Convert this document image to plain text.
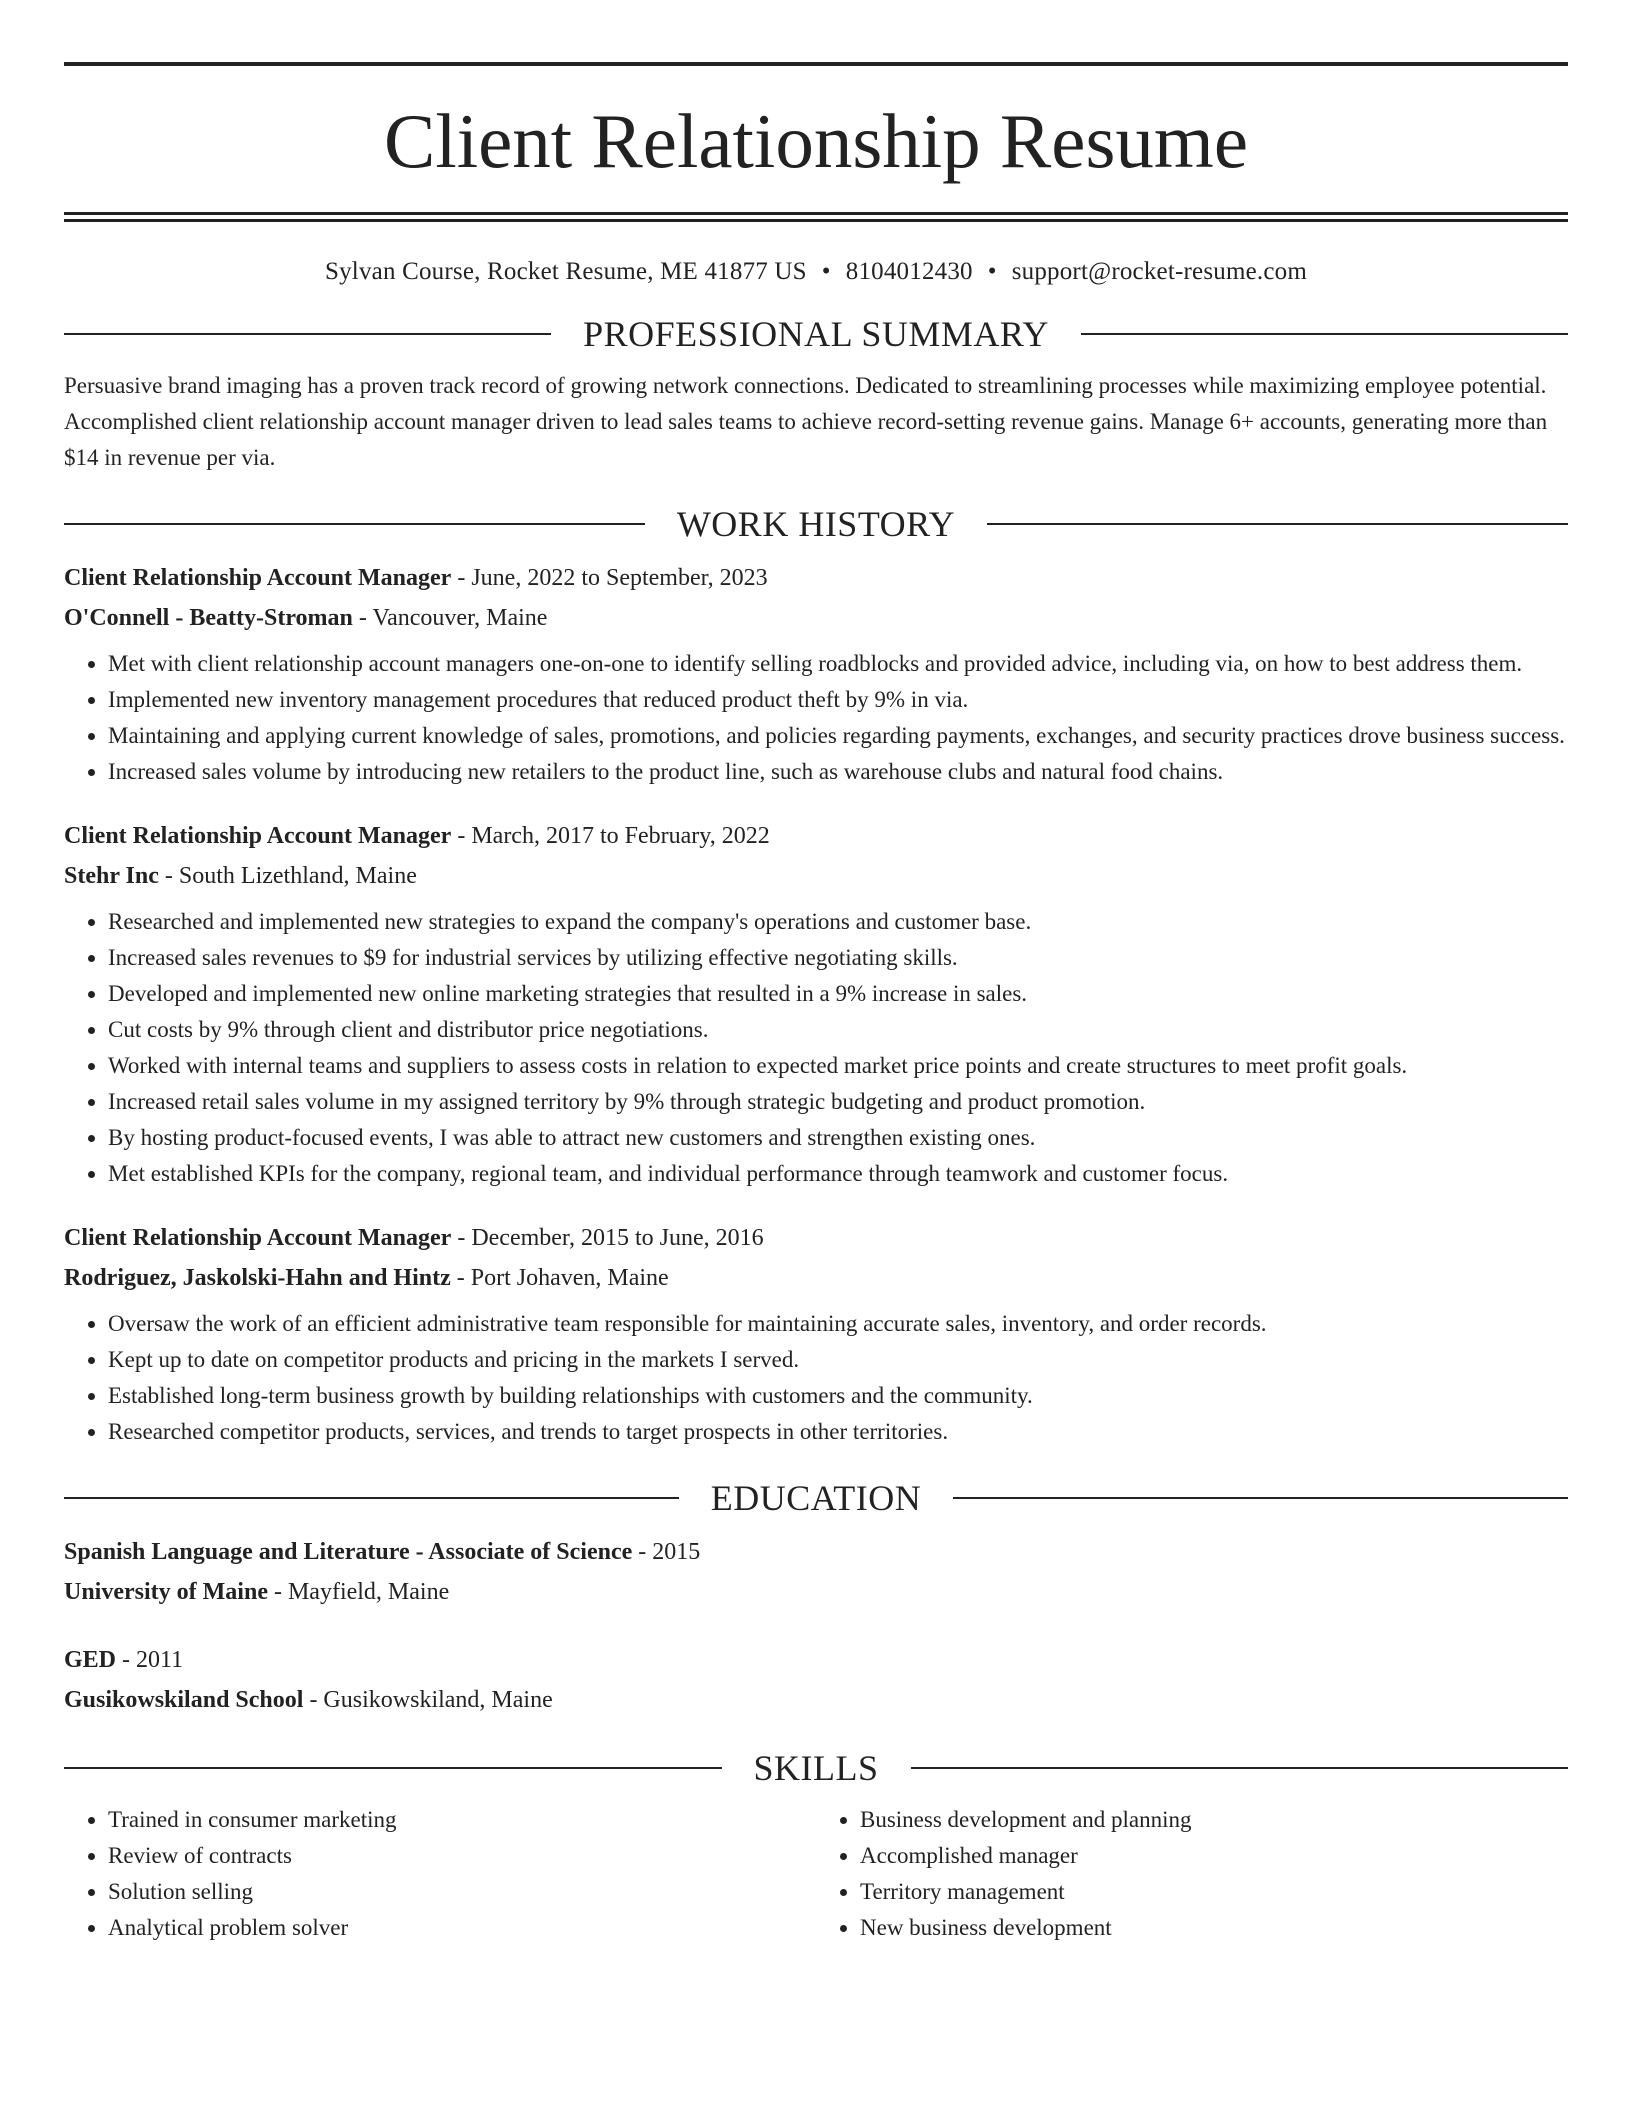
Client Relationship Resume

Sylvan Course, Rocket Resume, ME 41877 US • 8104012430 • support@rocket-resume.com

PROFESSIONAL SUMMARY

Persuasive brand imaging has a proven track record of growing network connections. Dedicated to streamlining processes while maximizing employee potential. Accomplished client relationship account manager driven to lead sales teams to achieve record-setting revenue gains. Manage 6+ accounts, generating more than $14 in revenue per via.

WORK HISTORY
Client Relationship Account Manager - June, 2022 to September, 2023
O'Connell - Beatty-Stroman - Vancouver, Maine
• Met with client relationship account managers one-on-one to identify selling roadblocks and provided advice, including via, on how to best address them.
• Implemented new inventory management procedures that reduced product theft by 9% in via.
• Maintaining and applying current knowledge of sales, promotions, and policies regarding payments, exchanges, and security practices drove business success.
• Increased sales volume by introducing new retailers to the product line, such as warehouse clubs and natural food chains.
Client Relationship Account Manager - March, 2017 to February, 2022
Stehr Inc - South Lizethland, Maine
• Researched and implemented new strategies to expand the company's operations and customer base.
• Increased sales revenues to $9 for industrial services by utilizing effective negotiating skills.
• Developed and implemented new online marketing strategies that resulted in a 9% increase in sales.
• Cut costs by 9% through client and distributor price negotiations.
• Worked with internal teams and suppliers to assess costs in relation to expected market price points and create structures to meet profit goals.
• Increased retail sales volume in my assigned territory by 9% through strategic budgeting and product promotion.
• By hosting product-focused events, I was able to attract new customers and strengthen existing ones.
• Met established KPIs for the company, regional team, and individual performance through teamwork and customer focus.
Client Relationship Account Manager - December, 2015 to June, 2016
Rodriguez, Jaskolski-Hahn and Hintz - Port Johaven, Maine
• Oversaw the work of an efficient administrative team responsible for maintaining accurate sales, inventory, and order records.
• Kept up to date on competitor products and pricing in the markets I served.
• Established long-term business growth by building relationships with customers and the community.
• Researched competitor products, services, and trends to target prospects in other territories.
EDUCATION
Spanish Language and Literature - Associate of Science - 2015
University of Maine - Mayfield, Maine
GED - 2011
Gusikowskiland School - Gusikowskiland, Maine
SKILLS
• Trained in consumer marketing
• Review of contracts
• Solution selling
• Analytical problem solver
• Business development and planning
• Accomplished manager
• Territory management
• New business development
